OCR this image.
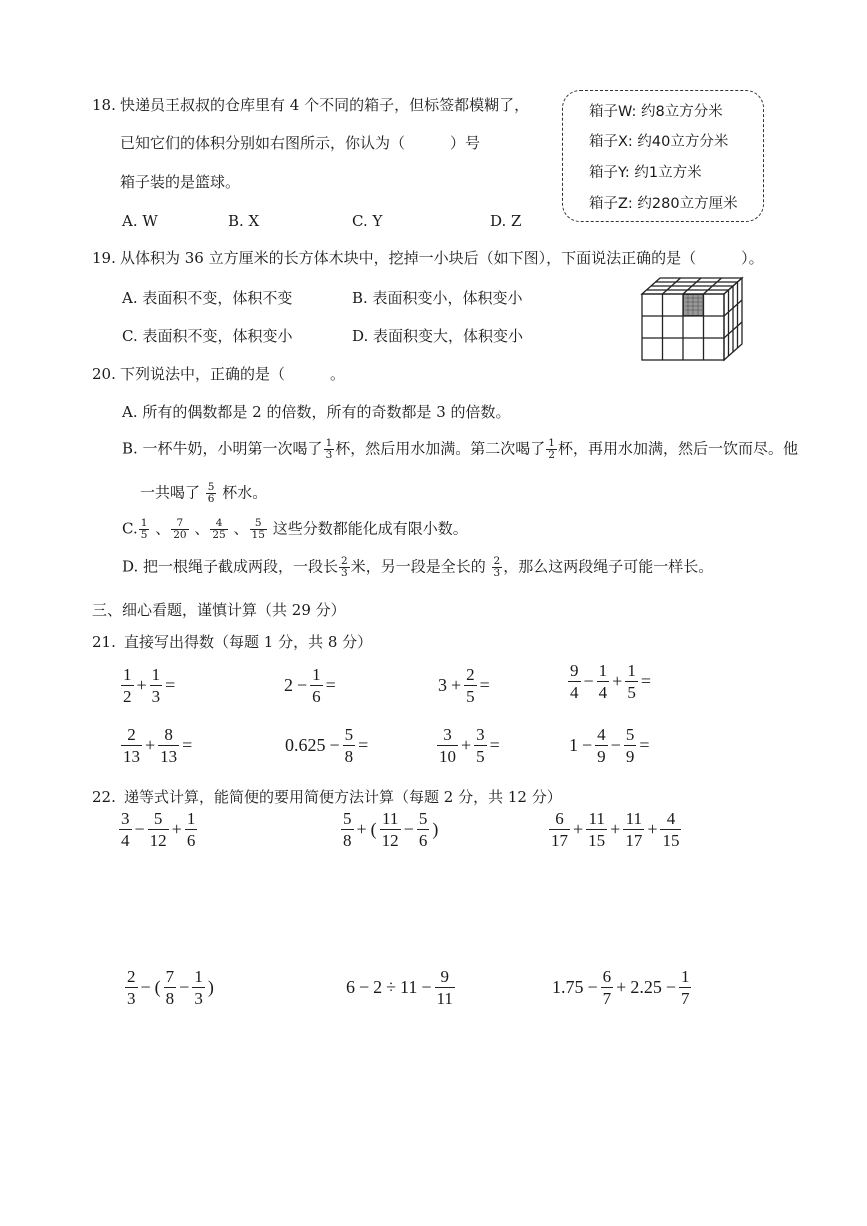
18. 快递员王叔叔的仓库里有 4 个不同的箱子，但标签都模糊了，
已知它们的体积分别如右图所示，你认为（　　　）号
箱子装的是篮球。
A. W	B. X	C. Y	D. Z
箱子W: 约8立方分米
箱子X: 约40立方分米
箱子Y: 约1立方米
箱子Z: 约280立方厘米
19. 从体积为 36 立方厘米的长方体木块中，挖掉一小块后（如下图），下面说法正确的是（　　　）。
A. 表面积不变，体积不变	B. 表面积变小，体积变小
C. 表面积不变，体积变小	D. 表面积变大，体积变小
20. 下列说法中，正确的是（　　　。
A. 所有的偶数都是 2 的倍数，所有的奇数都是 3 的倍数。
B. 一杯牛奶，小明第一次喝了 $\frac{1}{3}$ 杯，然后用水加满。第二次喝了 $\frac{1}{2}$ 杯，再用水加满，然后一饮而尽。他
一共喝了 $\frac{5}{6}$ 杯水。
C. $\frac{1}{5}$ 、 $\frac{7}{20}$ 、 $\frac{4}{25}$ 、 $\frac{5}{15}$ 这些分数都能化成有限小数。
D. 把一根绳子截成两段，一段长 $\frac{2}{3}$ 米，另一段是全长的 $\frac{2}{3}$ ，那么这两段绳子可能一样长。
三、细心看题，谨慎计算（共 29 分）
21. 直接写出得数（每题 1 分，共 8 分）
$\frac{1}{2} + \frac{1}{3}$ =	$2 - \frac{1}{6}$ =	$3 + \frac{2}{5}$ =	$\frac{9}{4} - \frac{1}{4} + \frac{1}{5}$ =
$\frac{2}{13} + \frac{8}{13}$ =	$0.625 - \frac{5}{8}$ =	$\frac{3}{10} + \frac{3}{5}$ =	$1 - \frac{4}{9} - \frac{5}{9}$ =
22. 递等式计算，能简便的要用简便方法计算（每题 2 分，共 12 分）
$\frac{3}{4} - \frac{5}{12} + \frac{1}{6}$	$\frac{5}{8}$ + ( $\frac{11}{12} - \frac{5}{6}$ )	$\frac{6}{17} + \frac{11}{15} + \frac{11}{17} + \frac{4}{15}$
$\frac{2}{3}$ − ( $\frac{7}{8} - \frac{1}{3}$ )	$6 - 2 \div 11 - \frac{9}{11}$	$1.75 - \frac{6}{7} + 2.25 - \frac{1}{7}$
